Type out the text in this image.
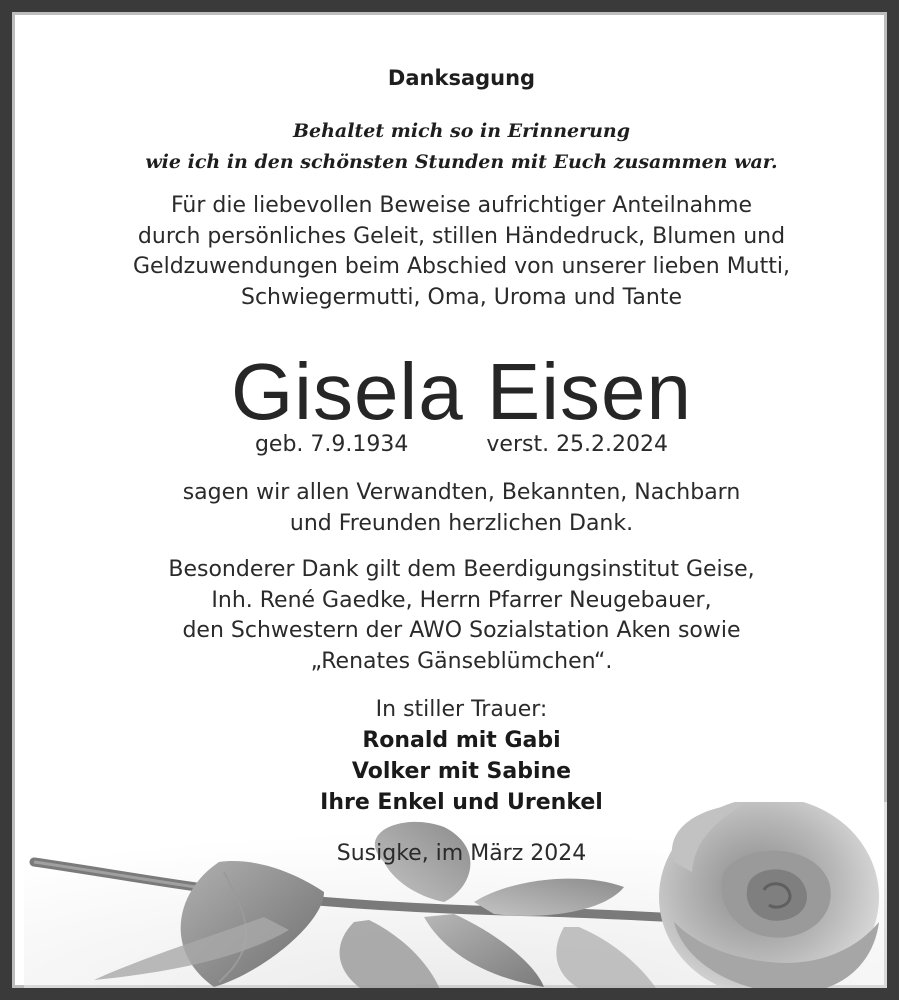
Danksagung
Behaltet mich so in Erinnerung
wie ich in den schönsten Stunden mit Euch zusammen war.
Für die liebevollen Beweise aufrichtiger Anteilnahme
durch persönliches Geleit, stillen Händedruck, Blumen und
Geldzuwendungen beim Abschied von unserer lieben Mutti,
Schwiegermutti, Oma, Uroma und Tante
Gisela Eisen
geb. 7.9.1934	verst. 25.2.2024
sagen wir allen Verwandten, Bekannten, Nachbarn
und Freunden herzlichen Dank.
Besonderer Dank gilt dem Beerdigungsinstitut Geise,
Inh. René Gaedke, Herrn Pfarrer Neugebauer,
den Schwestern der AWO Sozialstation Aken sowie
„Renates Gänseblümchen“.
In stiller Trauer:
Ronald mit Gabi
Volker mit Sabine
Ihre Enkel und Urenkel
Susigke, im März 2024
